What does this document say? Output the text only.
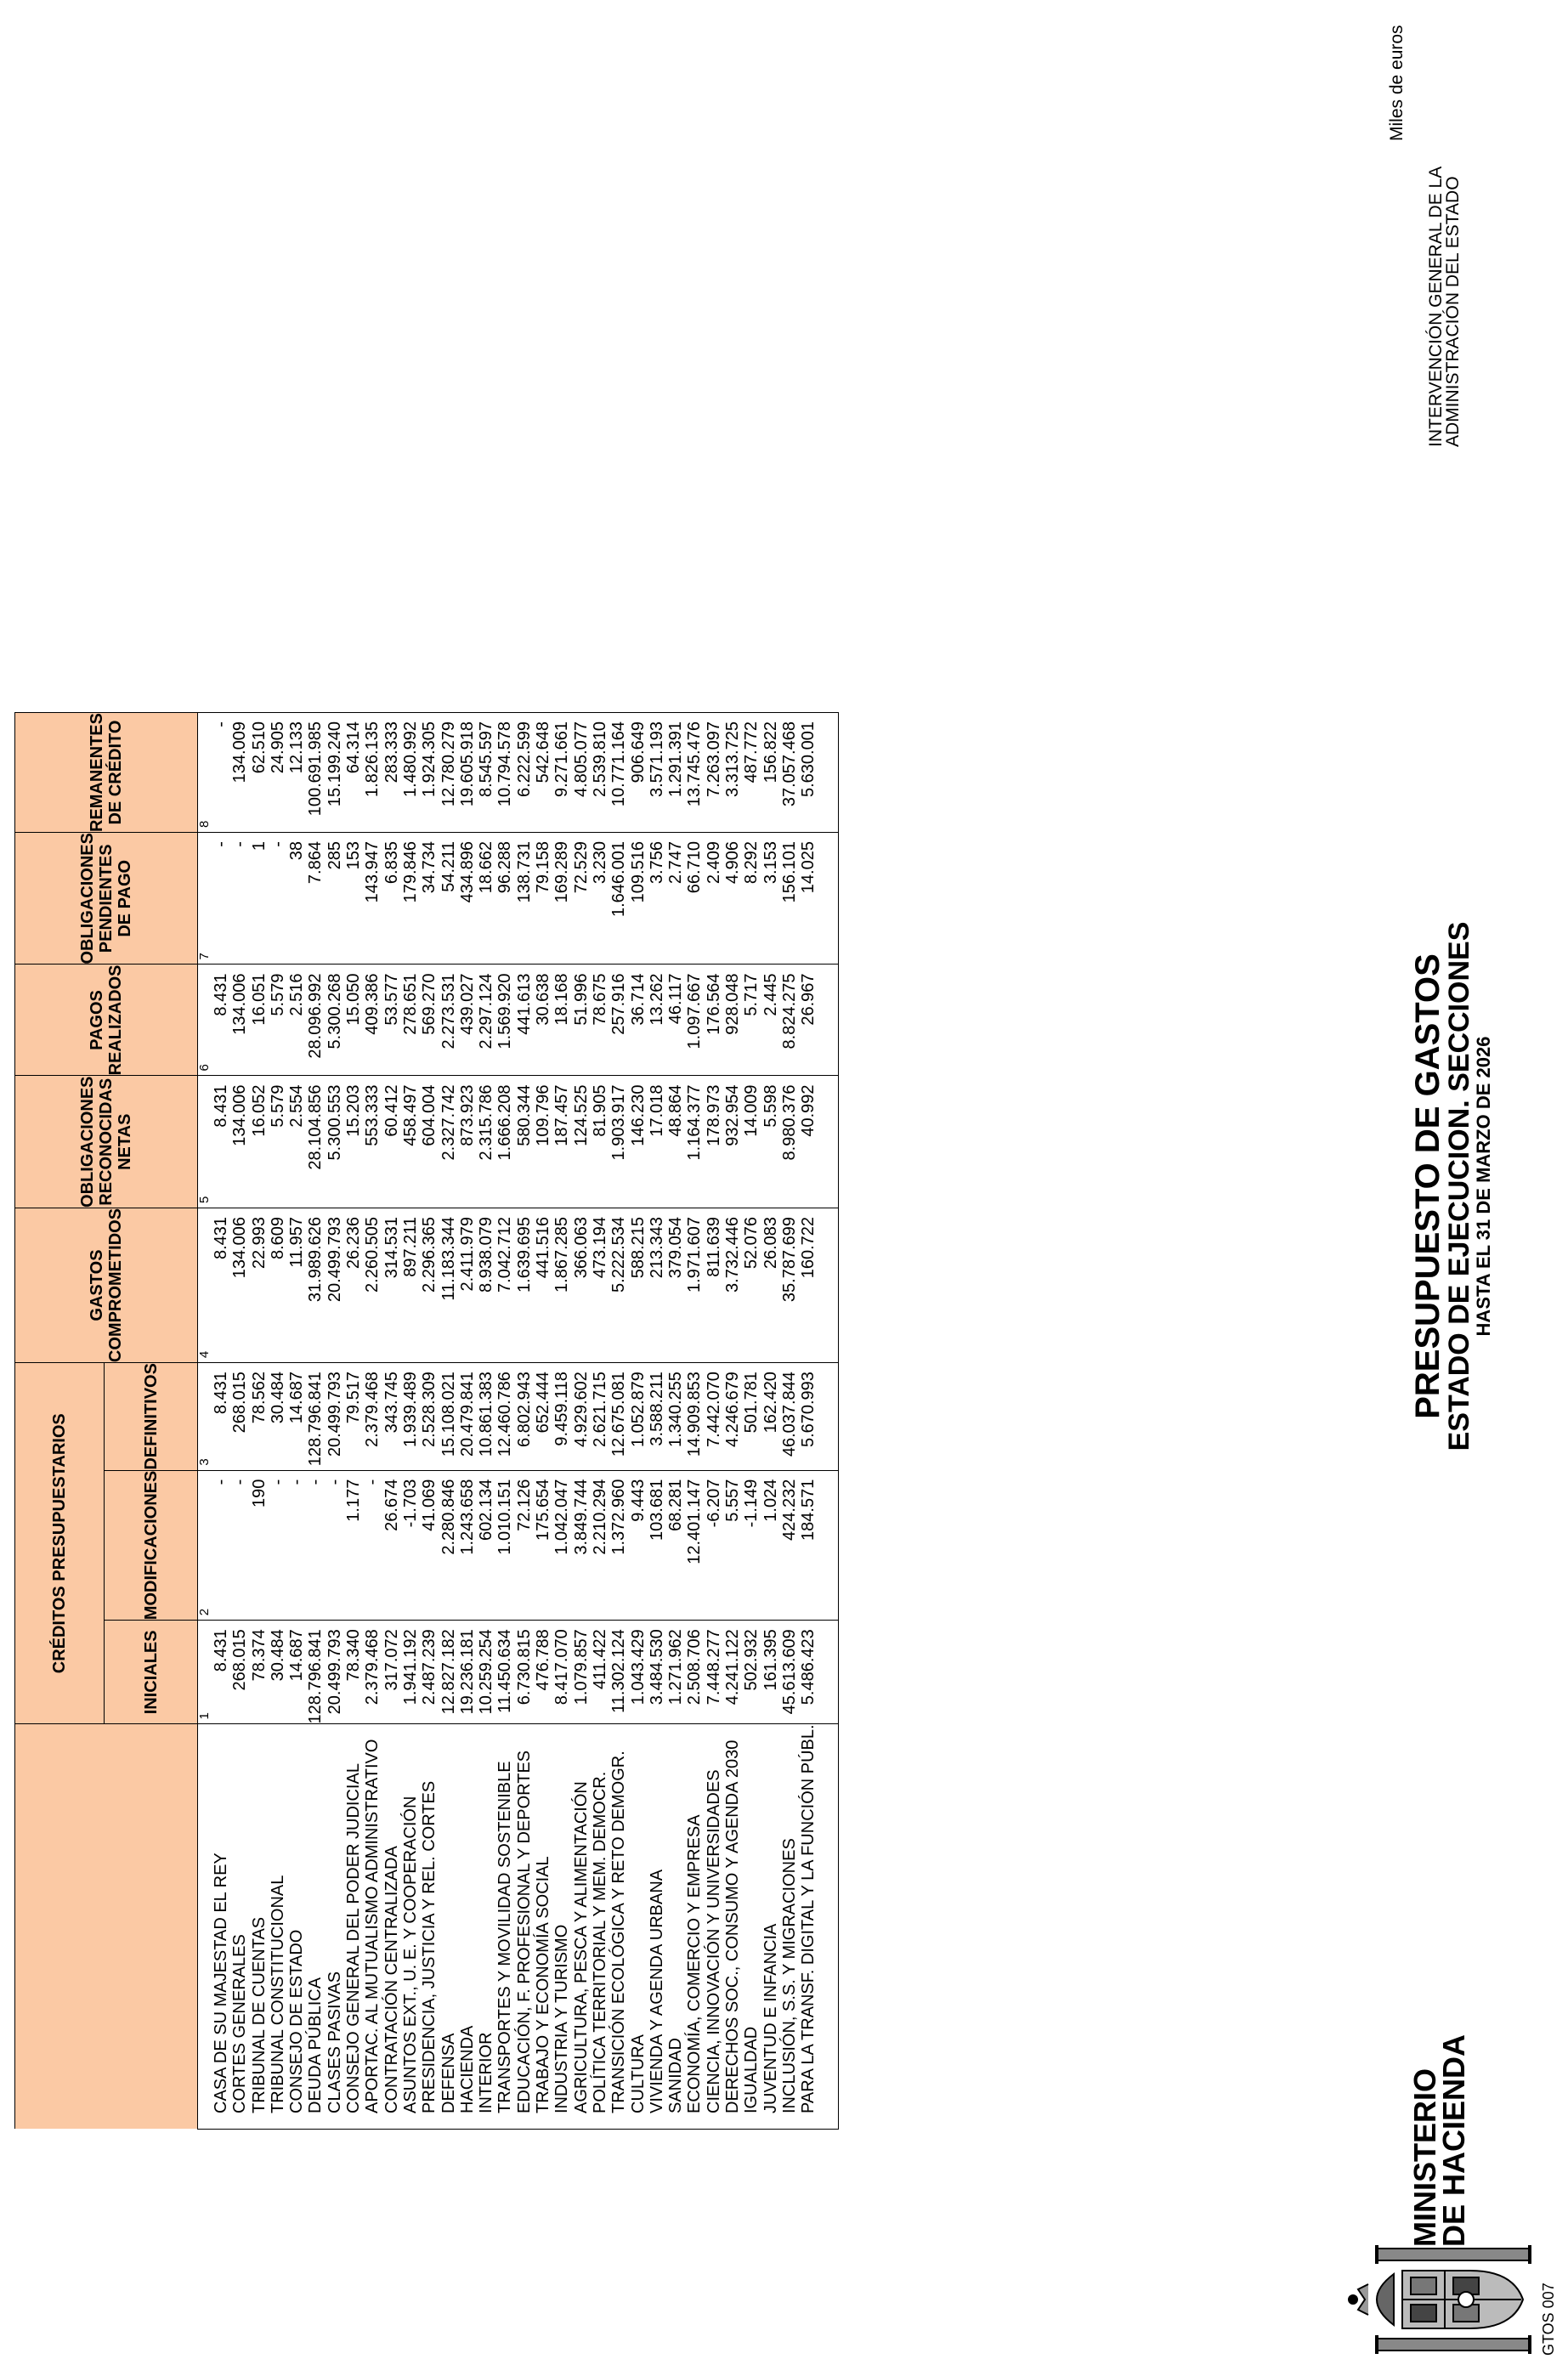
MINISTERIO
DE HACIENDA
PRESUPUESTO DE GASTOS
ESTADO DE EJECUCION. SECCIONES
HASTA EL 31 DE MARZO DE 2026
INTERVENCIÓN GENERAL DE LA
ADMINISTRACIÓN DEL ESTADO
Miles de euros
	CRÉDITOS PRESUPUESTARIOS			GASTOS COMPROMETIDOS	OBLIGACIONES RECONOCIDAS NETAS	PAGOS REALIZADOS	OBLIGACIONES PENDIENTES DE PAGO	REMANENTES DE CRÉDITO
	INICIALES	MODIFICACIONES	DEFINITIVOS					
	1	2	3	4	5	6	7	8
CASA DE SU MAJESTAD EL REY	8.431	-	8.431	8.431	8.431	8.431	-	-
CORTES GENERALES	268.015	-	268.015	134.006	134.006	134.006	-	134.009
TRIBUNAL DE CUENTAS	78.374	190	78.562	22.993	16.052	16.051	1	62.510
TRIBUNAL CONSTITUCIONAL	30.484	-	30.484	8.609	5.579	5.579	-	24.905
CONSEJO DE ESTADO	14.687	-	14.687	11.957	2.554	2.516	38	12.133
DEUDA PÚBLICA	128.796.841	-	128.796.841	31.989.626	28.104.856	28.096.992	7.864	100.691.985
CLASES PASIVAS	20.499.793	-	20.499.793	20.499.793	5.300.553	5.300.268	285	15.199.240
CONSEJO GENERAL DEL PODER JUDICIAL	78.340	1.177	79.517	26.236	15.203	15.050	153	64.314
APORTAC. AL MUTUALISMO ADMINISTRATIVO	2.379.468	-	2.379.468	2.260.505	553.333	409.386	143.947	1.826.135
CONTRATACIÓN CENTRALIZADA	317.072	26.674	343.745	314.531	60.412	53.577	6.835	283.333
ASUNTOS EXT., U. E. Y COOPERACIÓN	1.941.192	-1.703	1.939.489	897.211	458.497	278.651	179.846	1.480.992
PRESIDENCIA, JUSTICIA Y REL. CORTES	2.487.239	41.069	2.528.309	2.296.365	604.004	569.270	34.734	1.924.305
DEFENSA	12.827.182	2.280.846	15.108.021	11.183.344	2.327.742	2.273.531	54.211	12.780.279
HACIENDA	19.236.181	1.243.658	20.479.841	2.411.979	873.923	439.027	434.896	19.605.918
INTERIOR	10.259.254	602.134	10.861.383	8.938.079	2.315.786	2.297.124	18.662	8.545.597
TRANSPORTES Y MOVILIDAD SOSTENIBLE	11.450.634	1.010.151	12.460.786	7.042.712	1.666.208	1.569.920	96.288	10.794.578
EDUCACIÓN, F. PROFESIONAL Y DEPORTES	6.730.815	72.126	6.802.943	1.639.695	580.344	441.613	138.731	6.222.599
TRABAJO Y ECONOMÍA SOCIAL	476.788	175.654	652.444	441.516	109.796	30.638	79.158	542.648
INDUSTRIA Y TURISMO	8.417.070	1.042.047	9.459.118	1.867.285	187.457	18.168	169.289	9.271.661
AGRICULTURA, PESCA Y ALIMENTACIÓN	1.079.857	3.849.744	4.929.602	366.063	124.525	51.996	72.529	4.805.077
POLÍTICA TERRITORIAL Y MEM. DEMOCR.	411.422	2.210.294	2.621.715	473.194	81.905	78.675	3.230	2.539.810
TRANSICIÓN ECOLÓGICA Y RETO DEMOGR.	11.302.124	1.372.960	12.675.081	5.222.534	1.903.917	257.916	1.646.001	10.771.164
CULTURA	1.043.429	9.443	1.052.879	588.215	146.230	36.714	109.516	906.649
VIVIENDA Y AGENDA URBANA	3.484.530	103.681	3.588.211	213.343	17.018	13.262	3.756	3.571.193
SANIDAD	1.271.962	68.281	1.340.255	379.054	48.864	46.117	2.747	1.291.391
ECONOMÍA, COMERCIO Y EMPRESA	2.508.706	12.401.147	14.909.853	1.971.607	1.164.377	1.097.667	66.710	13.745.476
CIENCIA, INNOVACIÓN Y UNIVERSIDADES	7.448.277	-6.207	7.442.070	811.639	178.973	176.564	2.409	7.263.097
DERECHOS SOC., CONSUMO Y AGENDA 2030	4.241.122	5.557	4.246.679	3.732.446	932.954	928.048	4.906	3.313.725
IGUALDAD	502.932	-1.149	501.781	52.076	14.009	5.717	8.292	487.772
JUVENTUD E INFANCIA	161.395	1.024	162.420	26.083	5.598	2.445	3.153	156.822
INCLUSIÓN, S.S. Y MIGRACIONES	45.613.609	424.232	46.037.844	35.787.699	8.980.376	8.824.275	156.101	37.057.468
PARA LA TRANSF. DIGITAL Y LA FUNCIÓN PÚBL.	5.486.423	184.571	5.670.993	160.722	40.992	26.967	14.025	5.630.001

GTOS 007
